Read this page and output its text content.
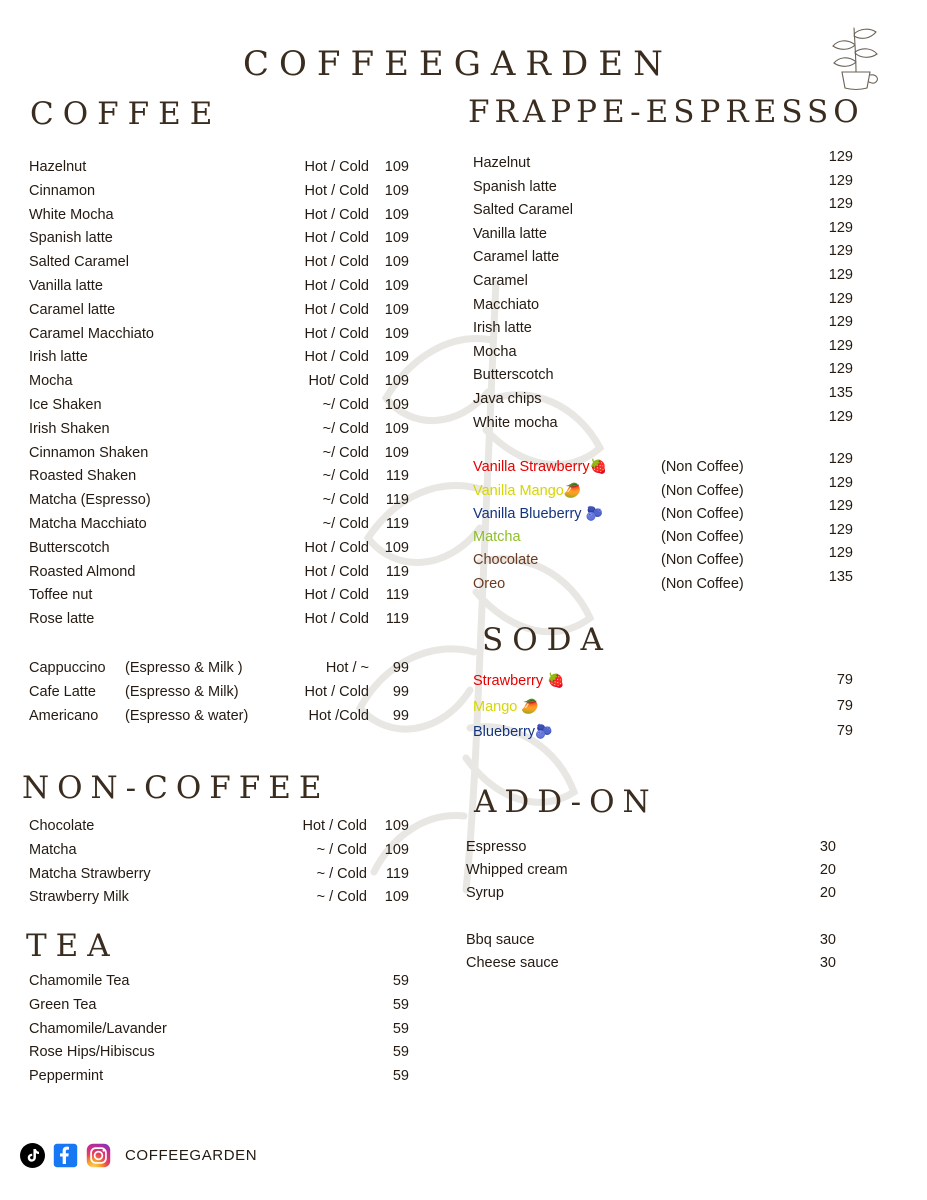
COFFEEGARDEN
COFFEE	FRAPPE-ESPRESSO
NON-COFFEE
TEA
SODA
ADD-ON
Hazelnut	Hot / Cold	109
Cinnamon	Hot / Cold	109
White Mocha	Hot / Cold	109
Spanish latte	Hot / Cold	109
Salted Caramel	Hot / Cold	109
Vanilla latte	Hot / Cold	109
Caramel latte	Hot / Cold	109
Caramel Macchiato	Hot / Cold	109
Irish latte	Hot / Cold	109
Mocha	Hot/ Cold	109
Ice Shaken	~/ Cold	109
Irish Shaken	~/ Cold	109
Cinnamon Shaken	~/ Cold	109
Roasted Shaken	~/ Cold	119
Matcha (Espresso)	~/ Cold	119
Matcha Macchiato	~/ Cold	119
Butterscotch	Hot / Cold	109
Roasted Almond	Hot / Cold	119
Toffee nut	Hot / Cold	119
Rose latte	Hot / Cold	119
Cappuccino	(Espresso & Milk )	Hot / ~	99
Cafe Latte	(Espresso & Milk)	Hot / Cold	99
Americano	(Espresso & water)	Hot /Cold	99
Chocolate	Hot / Cold	109
Matcha	~ / Cold	109
Matcha Strawberry	~ / Cold	119
Strawberry Milk	~ / Cold	109
Chamomile Tea	59
Green Tea	59
Chamomile/Lavander	59
Rose Hips/Hibiscus	59
Peppermint	59
Hazelnut	129
Spanish latte	129
Salted Caramel	129
Vanilla latte	129
Caramel latte	129
Caramel	129
Macchiato	129
Irish latte	129
Mocha	129
Butterscotch	129
Java chips	135
White mocha	129
Vanilla Strawberry🍓	(Non Coffee)	129
Vanilla Mango🥭	(Non Coffee)	129
Vanilla Blueberry 🫐	(Non Coffee)	129
Matcha	(Non Coffee)	129
Chocolate	(Non Coffee)	129
Oreo	(Non Coffee)	135
Strawberry 🍓	79
Mango 🥭	79
Blueberry🫐	79
Espresso	30
Whipped cream	20
Syrup	20
Bbq sauce	30
Cheese sauce	30
COFFEEGARDEN
